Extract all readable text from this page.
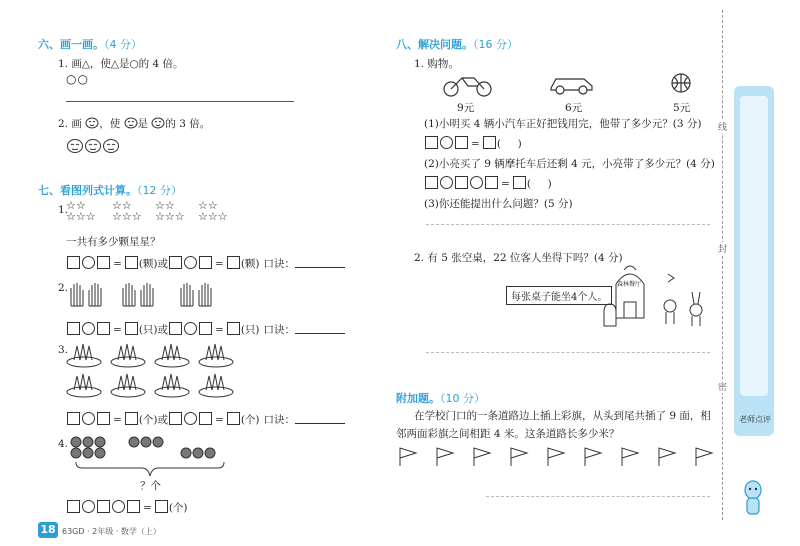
六、画一画。（4 分）
1. 画△，使△是○的 4 倍。
○○
2. 画 ，使 是 的 3 倍。
七、看图列式计算。（12 分）
1.
☆☆
☆☆☆
☆☆
☆☆☆
☆☆
☆☆☆
☆☆
☆☆☆
一共有多少颗星星？
= (颗)或	= (颗) 口诀：
2.
= (只)或	= (只) 口诀：
3.
= (个)或	= (个) 口诀：
4.
？个
= (个)
18 63GD · 2年级 · 数学（上）
八、解决问题。（16 分）
1. 购物。
9元	6元	5元
(1)小明买 4 辆小汽车正好把钱用完，他带了多少元？(3 分)
= (     )
(2)小亮买了 9 辆摩托车后还剩 4 元，小亮带了多少元？(4 分)
= (     )
(3)你还能提出什么问题？(5 分)
2. 有 5 张空桌，22 位客人坐得下吗？(4 分)
每张桌子能坐4个人。
森林餐厅
附加题。（10 分）
在学校门口的一条道路边上插上彩旗，从头到尾共插了 9 面，相
邻两面彩旗之间相距 4 米。这条道路长多少米？
线
封
密
老师点评
